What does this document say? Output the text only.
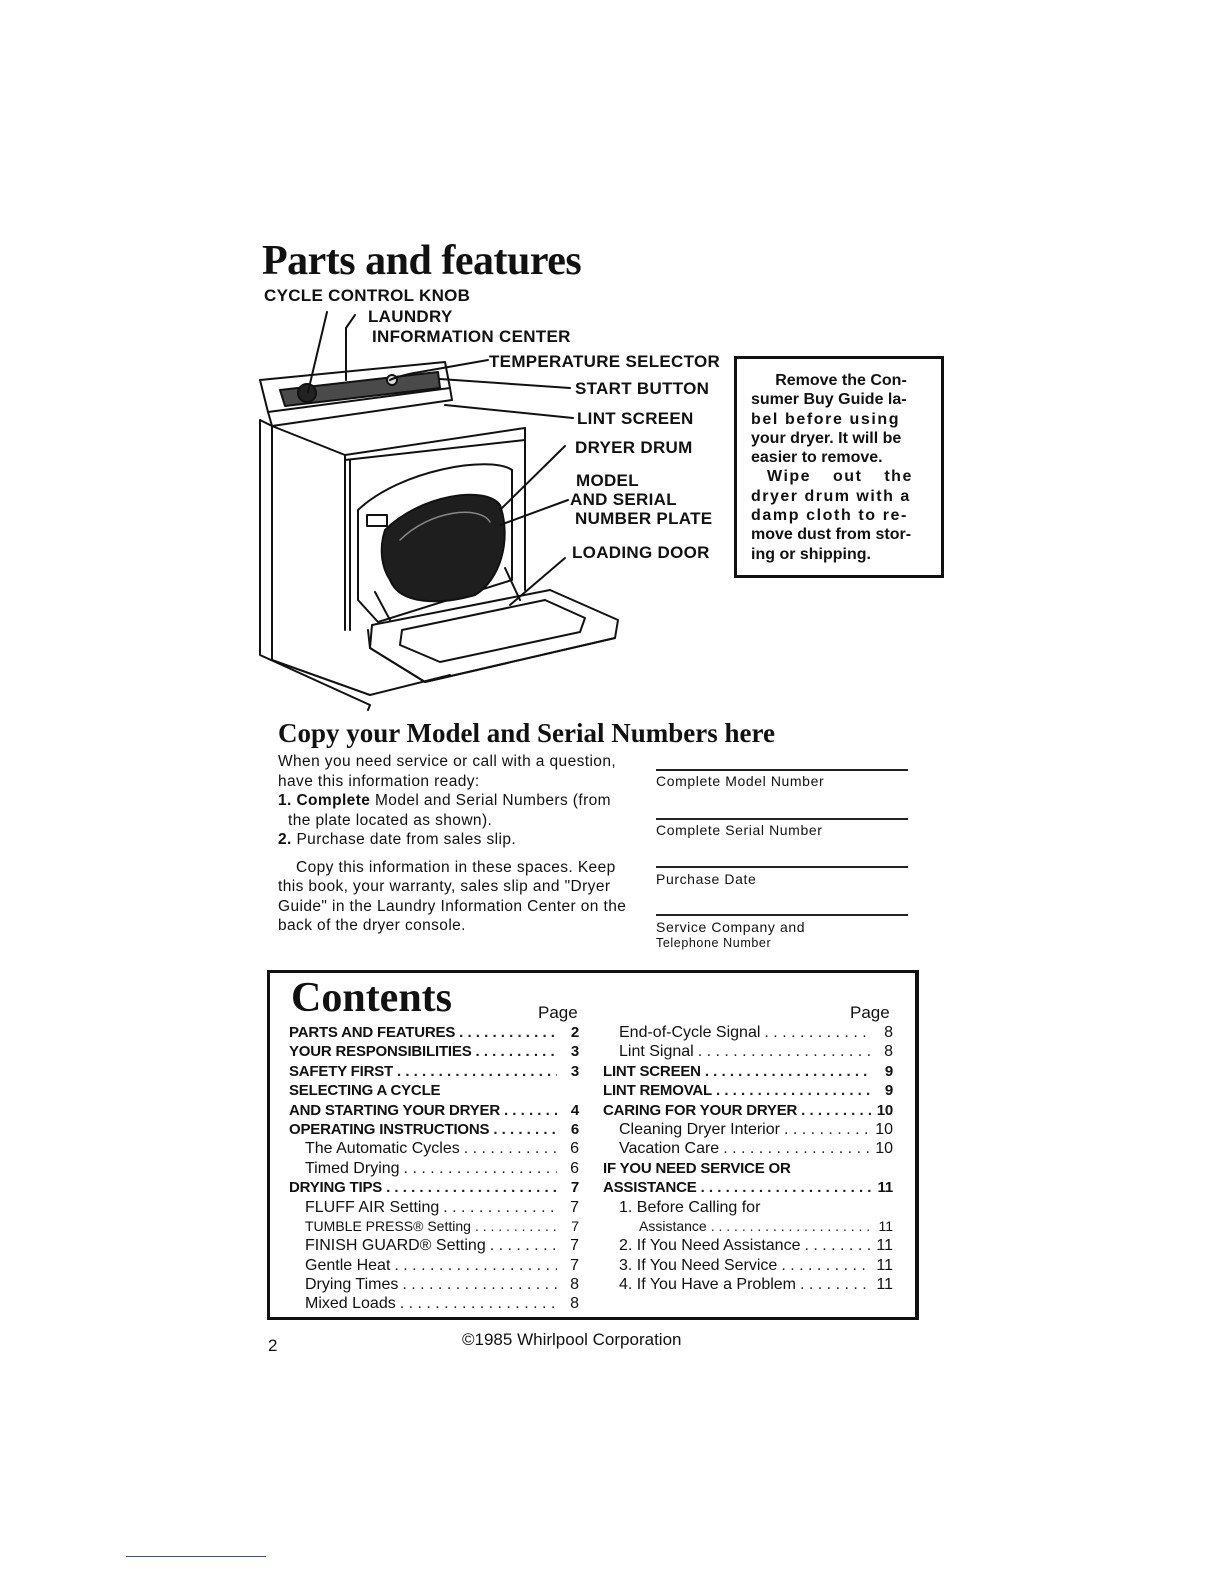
Parts and features
CYCLE CONTROL KNOB
LAUNDRY
INFORMATION CENTER
TEMPERATURE SELECTOR
START BUTTON
LINT SCREEN
DRYER DRUM
MODEL
AND SERIAL
NUMBER PLATE
LOADING DOOR

Remove the Con-

sumer Buy Guide la-

bel before using

your dryer. It will be

easier to remove.

Wipe out the

dryer drum with a

damp cloth to re-

move dust from stor-

ing or shipping.

Copy your Model and Serial Numbers here

When you need service or call with a question, have this information ready:

1. Complete Model and Serial Numbers (from the plate located as shown).

2. Purchase date from sales slip.

Copy this information in these spaces. Keep this book, your warranty, sales slip and "Dryer Guide" in the Laundry Information Center on the back of the dryer console.

Complete Model Number
Complete Serial Number
Purchase Date
Service Company and
Telephone Number
Contents	Page	Page
PARTS AND FEATURES . . .	2
YOUR RESPONSIBILITIES . . .	3
SAFETY FIRST . . .	3
SELECTING A CYCLE
AND STARTING YOUR DRYER . . .	4
OPERATING INSTRUCTIONS . . .	6
The Automatic Cycles . . .	6
Timed Drying . . .	6
DRYING TIPS . . .	7
FLUFF AIR Setting . . .	7
TUMBLE PRESS® Setting . . .	7
FINISH GUARD® Setting . . .	7
Gentle Heat . . .	7
Drying Times . . .	8
Mixed Loads . . .	8
End-of-Cycle Signal . . .	8
Lint Signal . . .	8
LINT SCREEN . . .	9
LINT REMOVAL . . .	9
CARING FOR YOUR DRYER . . .	10
Cleaning Dryer Interior . . .	10
Vacation Care . . .	10
IF YOU NEED SERVICE OR
ASSISTANCE . . .	11
1. Before Calling for
Assistance . . .	11
2. If You Need Assistance . . .	11
3. If You Need Service . . .	11
4. If You Have a Problem . . .	11
2	©1985 Whirlpool Corporation
